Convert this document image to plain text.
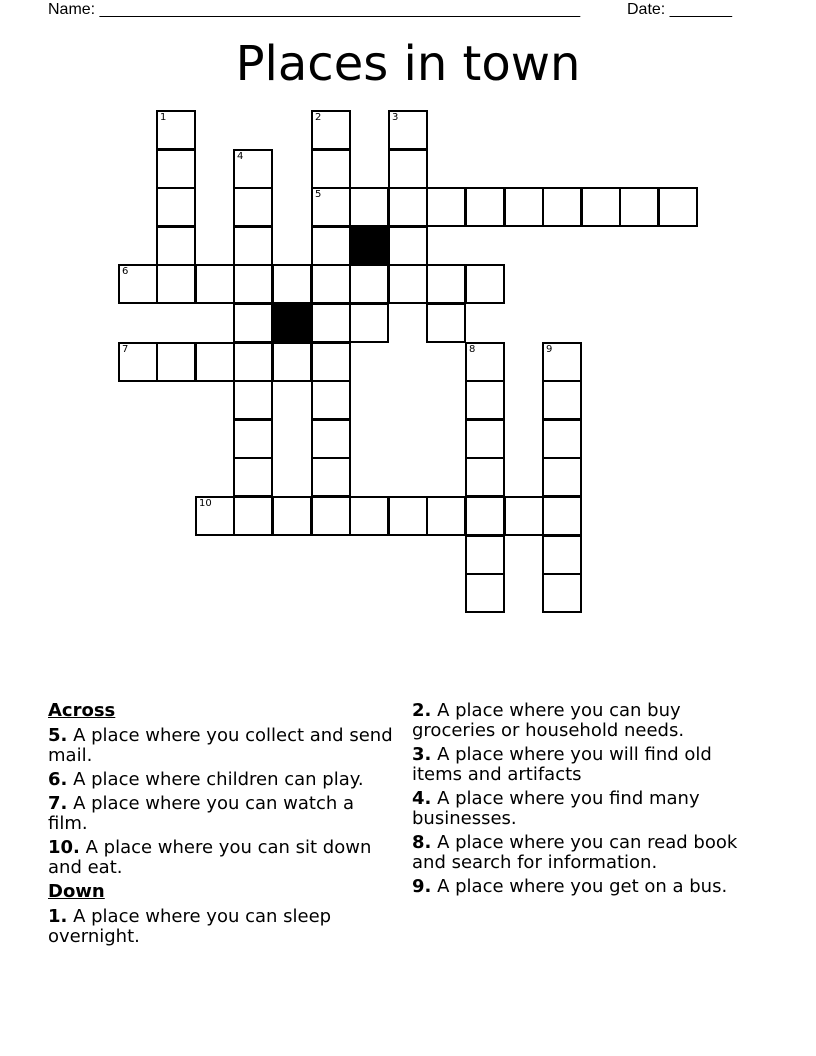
Name: ______________________________________________________	Date: _______
Places in town
1	2	3
4
5
6
7	8	9
10
Across
5. A place where you collect and send mail.
6. A place where children can play.
7. A place where you can watch a film.
10. A place where you can sit down and eat.
Down
1. A place where you can sleep overnight.
2. A place where you can buy groceries or household needs.
3. A place where you will find old items and artifacts
4. A place where you find many businesses.
8. A place where you can read book and search for information.
9. A place where you get on a bus.
